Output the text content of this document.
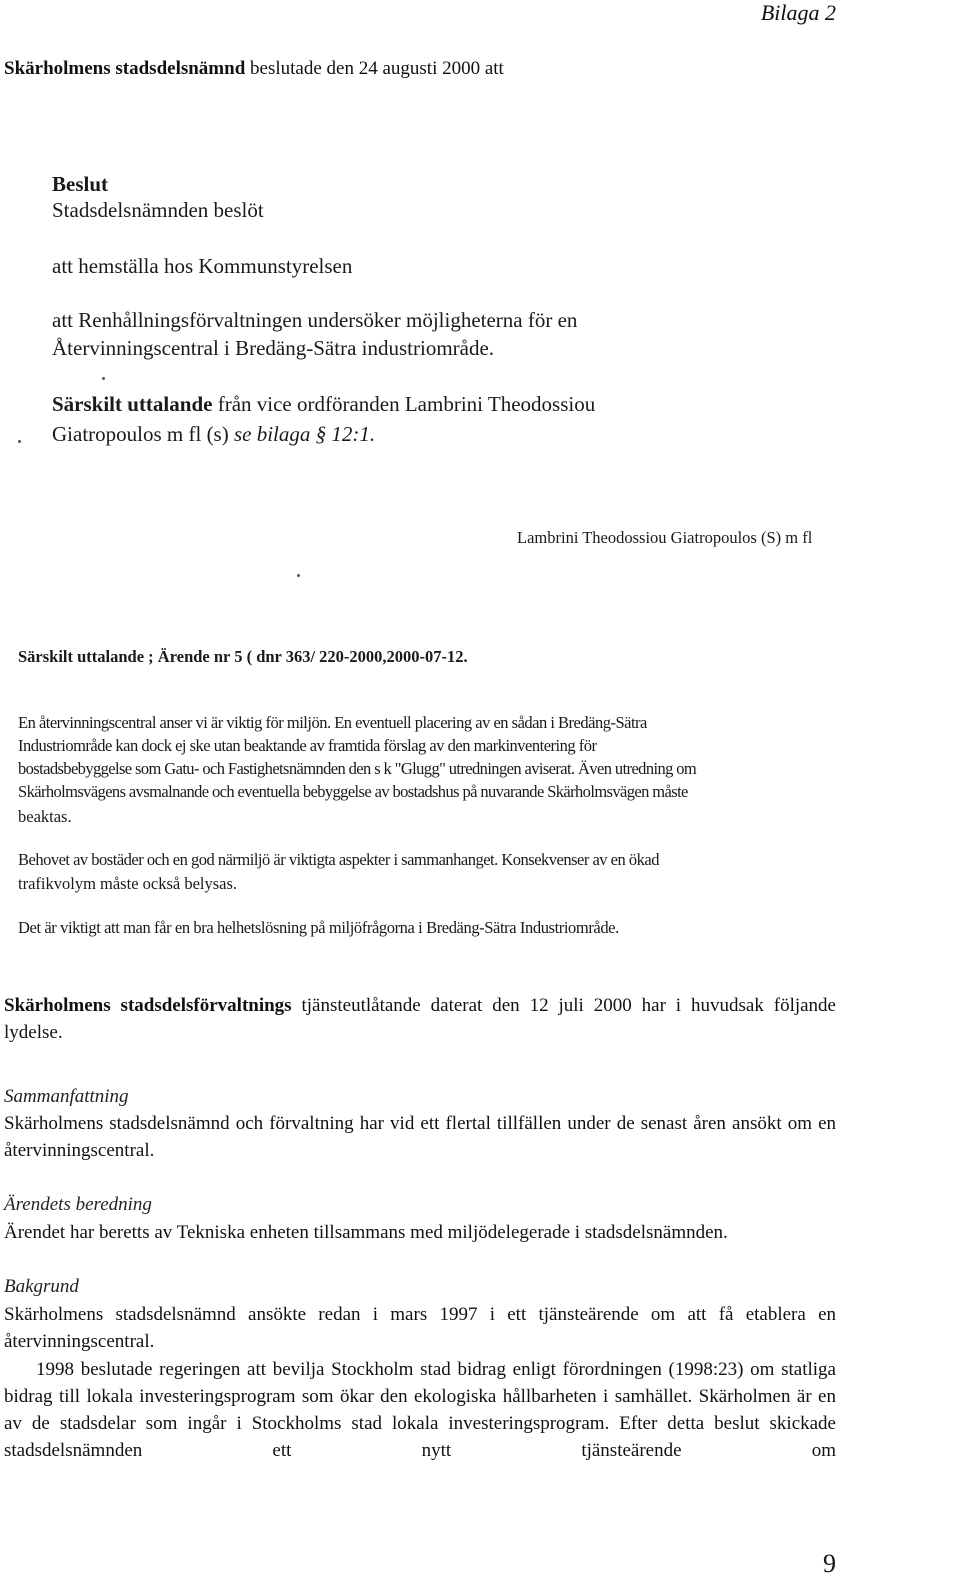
Bilaga 2
Skärholmens stadsdelsnämnd beslutade den 24 augusti 2000 att
Beslut
Stadsdelsnämnden beslöt
att hemställa hos Kommunstyrelsen
att Renhållningsförvaltningen undersöker möjligheterna för en
Återvinningscentral i Bredäng-Sätra industriområde.
Särskilt uttalande från vice ordföranden Lambrini Theodossiou
Giatropoulos m fl (s) se bilaga § 12:1.
Lambrini Theodossiou Giatropoulos (S) m fl
Särskilt uttalande ; Ärende nr 5 ( dnr 363/ 220-2000,2000-07-12.
En återvinningscentral anser vi är viktig för miljön. En eventuell placering av en sådan i Bredäng-Sätra
Industriområde kan dock ej ske utan beaktande av framtida förslag av den markinventering för
bostadsbebyggelse som Gatu- och Fastighetsnämnden den s k "Glugg" utredningen aviserat. Även utredning om
Skärholmsvägens avsmalnande och eventuella bebyggelse av bostadshus på nuvarande Skärholmsvägen måste
beaktas.
Behovet av bostäder och en god närmiljö är viktigta aspekter i sammanhanget. Konsekvenser av en ökad
trafikvolym måste också belysas.
Det är viktigt att man får en bra helhetslösning på miljöfrågorna i Bredäng-Sätra Industriområde.
Skärholmens stadsdelsförvaltnings tjänsteutlåtande daterat den 12 juli 2000 har i huvudsak följande lydelse.
Sammanfattning
Skärholmens stadsdelsnämnd och förvaltning har vid ett flertal tillfällen under de senast åren ansökt om en återvinningscentral.
Ärendets beredning
Ärendet har beretts av Tekniska enheten tillsammans med miljödelegerade i stadsdelsnämnden.
Bakgrund
Skärholmens stadsdelsnämnd ansökte redan i mars 1997 i ett tjänsteärende om att få etablera en återvinningscentral.
1998 beslutade regeringen att bevilja Stockholm stad bidrag enligt förordningen (1998:23) om statliga bidrag till lokala investeringsprogram som ökar den ekologiska hållbarheten i samhället. Skärholmen är en av de stadsdelar som ingår i Stockholms stad lokala investeringsprogram. Efter detta beslut skickade stadsdelsnämnden ett nytt tjänsteärende om
9
